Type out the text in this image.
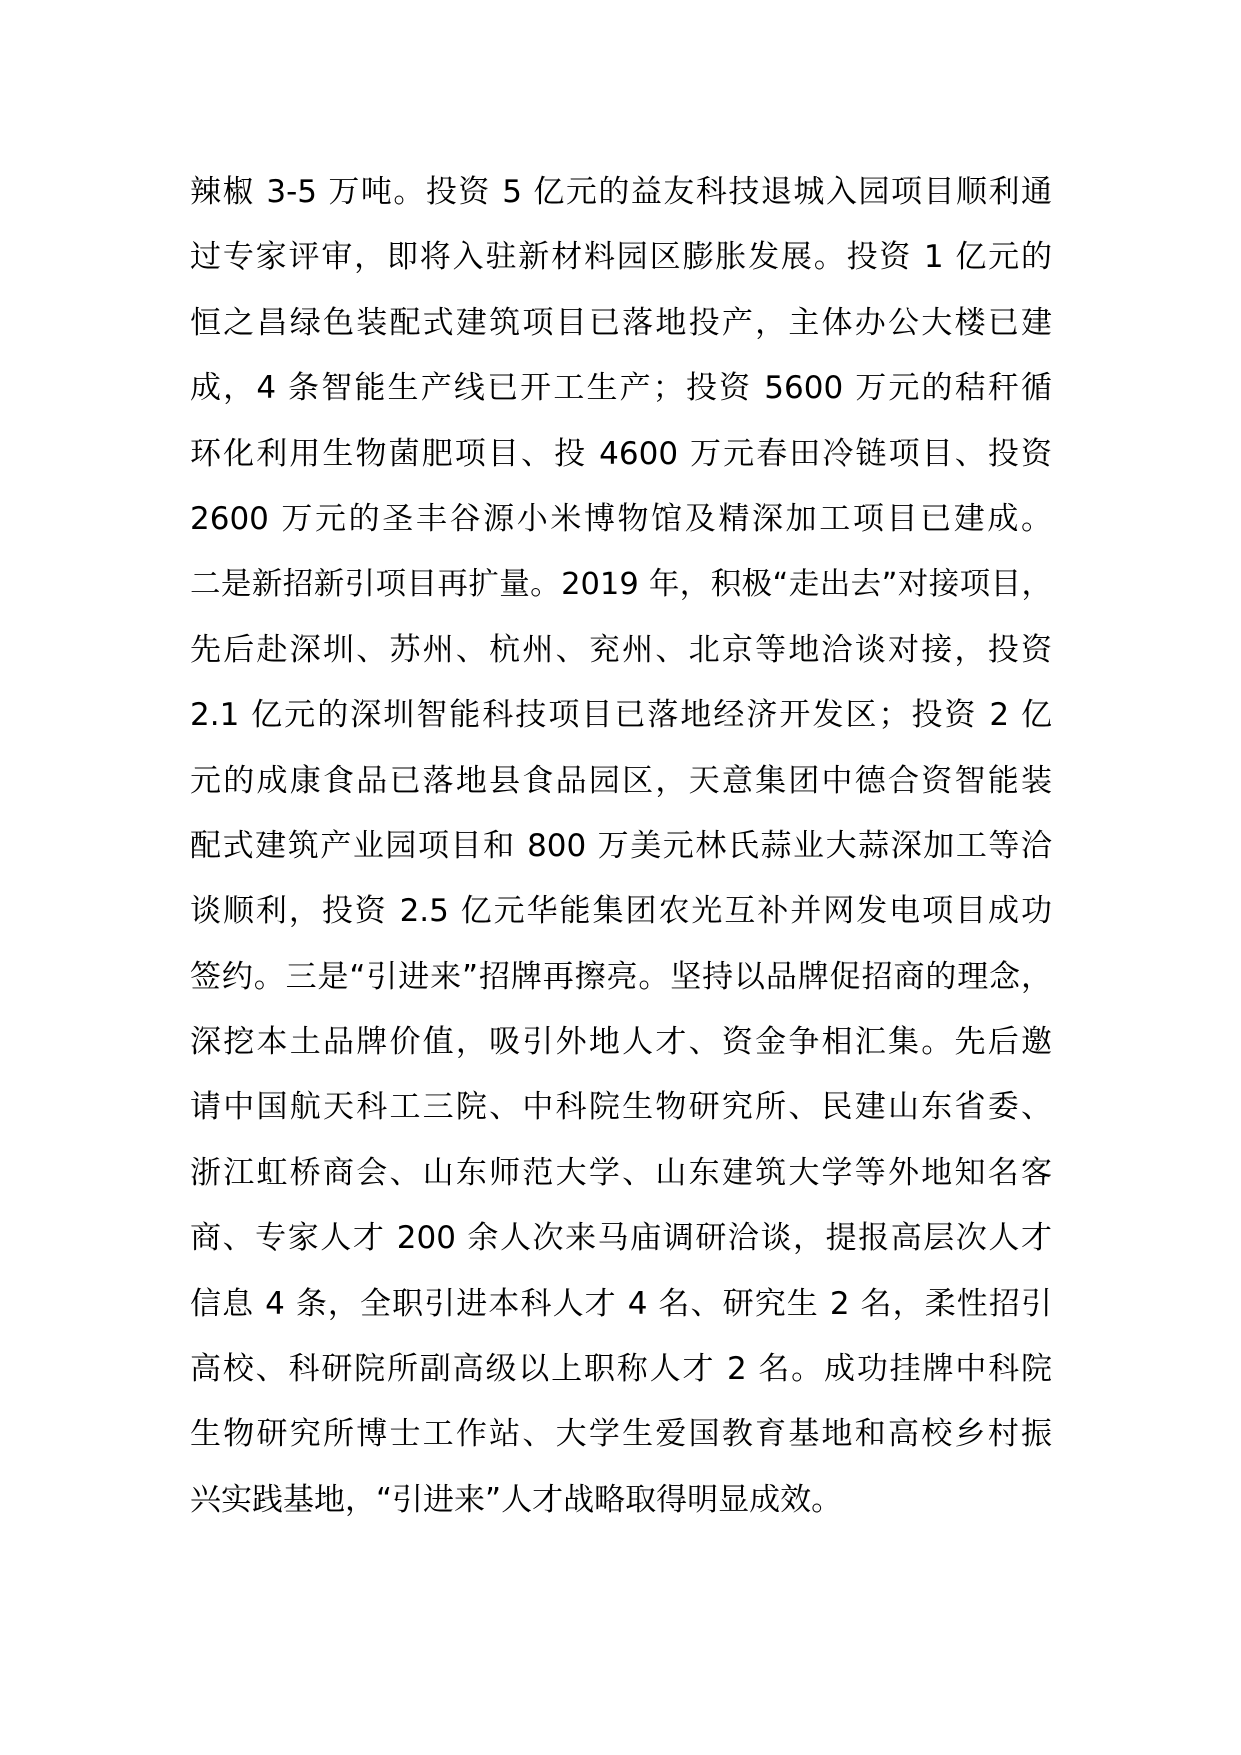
辣椒 3-5 万吨。投资 5 亿元的益友科技退城入园项目顺利通
过专家评审，即将入驻新材料园区膨胀发展。投资 1 亿元的
恒之昌绿色装配式建筑项目已落地投产，主体办公大楼已建
成，4 条智能生产线已开工生产；投资 5600 万元的秸秆循
环化利用生物菌肥项目、投 4600 万元春田冷链项目、投资
2600 万元的圣丰谷源小米博物馆及精深加工项目已建成。
二是新招新引项目再扩量。2019 年，积极“走出去”对接项目，
先后赴深圳、苏州、杭州、兖州、北京等地洽谈对接，投资
2.1 亿元的深圳智能科技项目已落地经济开发区；投资 2 亿
元的成康食品已落地县食品园区，天意集团中德合资智能装
配式建筑产业园项目和 800 万美元林氏蒜业大蒜深加工等洽
谈顺利，投资 2.5 亿元华能集团农光互补并网发电项目成功
签约。三是“引进来”招牌再擦亮。坚持以品牌促招商的理念，
深挖本土品牌价值，吸引外地人才、资金争相汇集。先后邀
请中国航天科工三院、中科院生物研究所、民建山东省委、
浙江虹桥商会、山东师范大学、山东建筑大学等外地知名客
商、专家人才 200 余人次来马庙调研洽谈，提报高层次人才
信息 4 条，全职引进本科人才 4 名、研究生 2 名，柔性招引
高校、科研院所副高级以上职称人才 2 名。成功挂牌中科院
生物研究所博士工作站、大学生爱国教育基地和高校乡村振
兴实践基地，“引进来”人才战略取得明显成效。
